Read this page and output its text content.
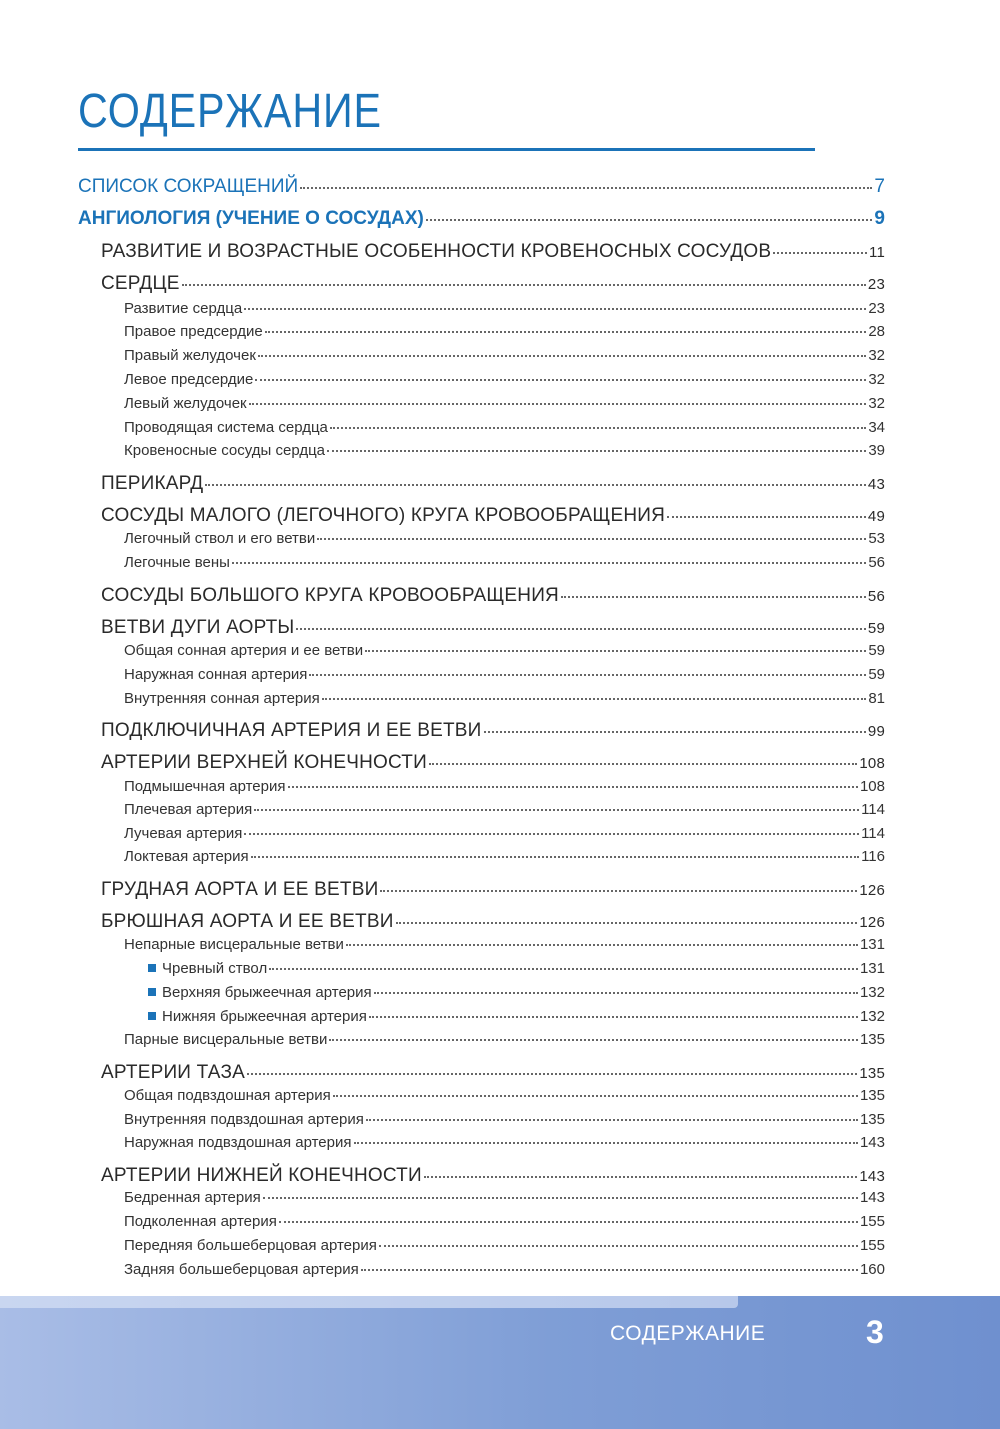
СОДЕРЖАНИЕ
СПИСОК СОКРАЩЕНИЙ	7
АНГИОЛОГИЯ (УЧЕНИЕ О СОСУДАХ)	9
РАЗВИТИЕ И ВОЗРАСТНЫЕ ОСОБЕННОСТИ КРОВЕНОСНЫХ СОСУДОВ	11
СЕРДЦЕ	23
Развитие сердца	23
Правое предсердие	28
Правый желудочек	32
Левое предсердие	32
Левый желудочек	32
Проводящая система сердца	34
Кровеносные сосуды сердца	39
ПЕРИКАРД	43
СОСУДЫ МАЛОГО (ЛЕГОЧНОГО) КРУГА КРОВООБРАЩЕНИЯ	49
Легочный ствол и его ветви	53
Легочные вены	56
СОСУДЫ БОЛЬШОГО КРУГА КРОВООБРАЩЕНИЯ	56
ВЕТВИ ДУГИ АОРТЫ	59
Общая сонная артерия и ее ветви	59
Наружная сонная артерия	59
Внутренняя сонная артерия	81
ПОДКЛЮЧИЧНАЯ АРТЕРИЯ И ЕЕ ВЕТВИ	99
АРТЕРИИ ВЕРХНЕЙ КОНЕЧНОСТИ	108
Подмышечная артерия	108
Плечевая артерия	114
Лучевая артерия	114
Локтевая артерия	116
ГРУДНАЯ АОРТА И ЕЕ ВЕТВИ	126
БРЮШНАЯ АОРТА И ЕЕ ВЕТВИ	126
Непарные висцеральные ветви	131
Чревный ствол	131
Верхняя брыжеечная артерия	132
Нижняя брыжеечная артерия	132
Парные висцеральные ветви	135
АРТЕРИИ ТАЗА	135
Общая подвздошная артерия	135
Внутренняя подвздошная артерия	135
Наружная подвздошная артерия	143
АРТЕРИИ НИЖНЕЙ КОНЕЧНОСТИ	143
Бедренная артерия	143
Подколенная артерия	155
Передняя большеберцовая артерия	155
Задняя большеберцовая артерия	160
СОДЕРЖАНИЕ	3
